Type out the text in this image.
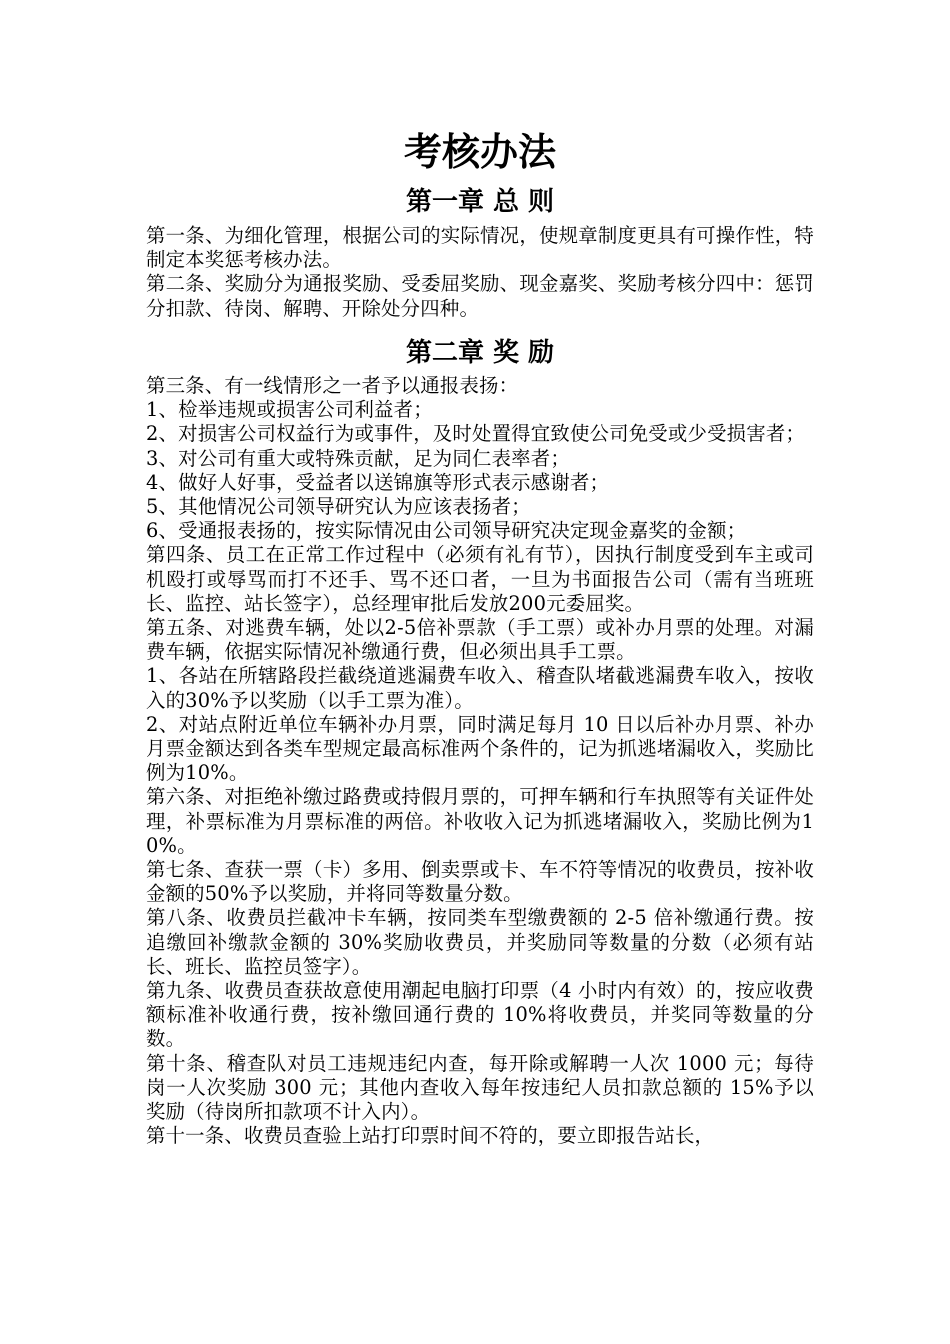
考核办法
第一章 总 则

第一条、为细化管理，根据公司的实际情况，使规章制度更具有可操作性，特制定本奖惩考核办法。

第二条、奖励分为通报奖励、受委屈奖励、现金嘉奖、奖励考核分四中：惩罚分扣款、待岗、解聘、开除处分四种。

第二章 奖 励

第三条、有一线情形之一者予以通报表扬：

1、检举违规或损害公司利益者；

2、对损害公司权益行为或事件，及时处置得宜致使公司免受或少受损害者；

3、对公司有重大或特殊贡献，足为同仁表率者；

4、做好人好事，受益者以送锦旗等形式表示感谢者；

5、其他情况公司领导研究认为应该表扬者；

6、受通报表扬的，按实际情况由公司领导研究决定现金嘉奖的金额；

第四条、员工在正常工作过程中（必须有礼有节），因执行制度受到车主或司机殴打或辱骂而打不还手、骂不还口者，一旦为书面报告公司（需有当班班长、监控、站长签字），总经理审批后发放200元委屈奖。

第五条、对逃费车辆，处以2-5倍补票款（手工票）或补办月票的处理。对漏费车辆，依据实际情况补缴通行费，但必须出具手工票。

1、各站在所辖路段拦截绕道逃漏费车收入、稽查队堵截逃漏费车收入，按收入的30%予以奖励（以手工票为准）。

2、对站点附近单位车辆补办月票，同时满足每月 10 日以后补办月票、补办月票金额达到各类车型规定最高标准两个条件的，记为抓逃堵漏收入，奖励比例为10%。

第六条、对拒绝补缴过路费或持假月票的，可押车辆和行车执照等有关证件处理，补票标准为月票标准的两倍。补收收入记为抓逃堵漏收入，奖励比例为10%。

第七条、查获一票（卡）多用、倒卖票或卡、车不符等情况的收费员，按补收金额的50%予以奖励，并将同等数量分数。

第八条、收费员拦截冲卡车辆，按同类车型缴费额的 2-5 倍补缴通行费。按追缴回补缴款金额的 30%奖励收费员，并奖励同等数量的分数（必须有站长、班长、监控员签字）。

第九条、收费员查获故意使用潮起电脑打印票（4 小时内有效）的，按应收费额标准补收通行费，按补缴回通行费的 10%将收费员，并奖同等数量的分数。

第十条、稽查队对员工违规违纪内查，每开除或解聘一人次 1000 元；每待岗一人次奖励 300 元；其他内查收入每年按违纪人员扣款总额的 15%予以奖励（待岗所扣款项不计入内）。

第十一条、收费员查验上站打印票时间不符的，要立即报告站长，
